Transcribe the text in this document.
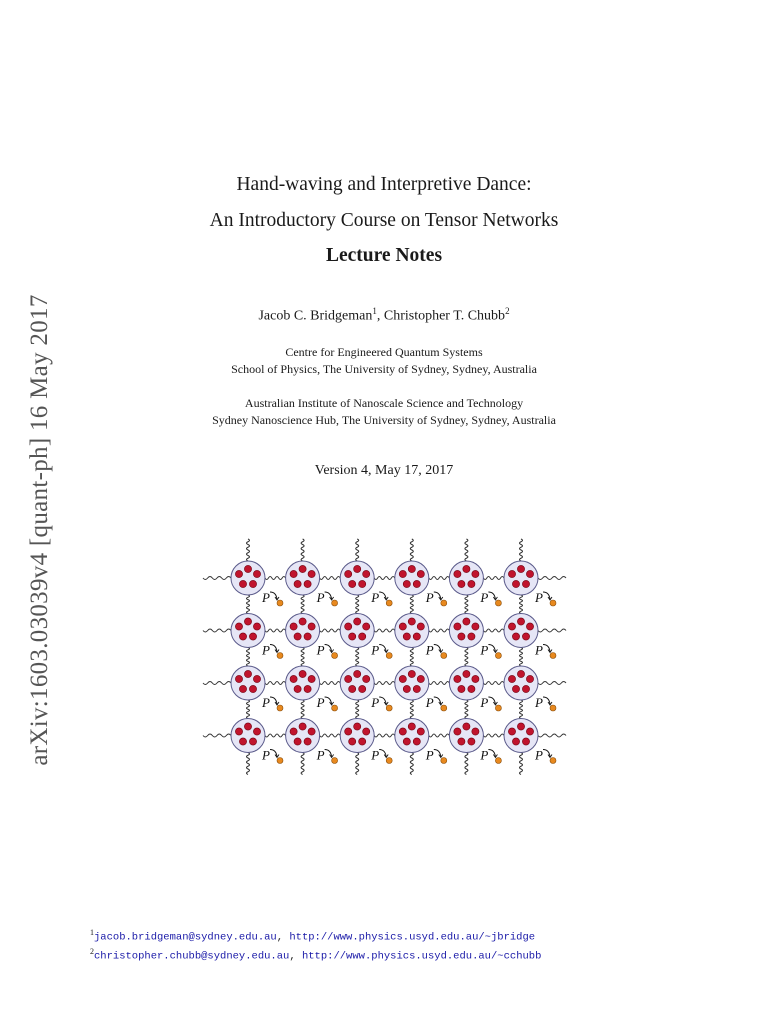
arXiv:1603.03039v4 [quant-ph] 16 May 2017
Hand-waving and Interpretive Dance:
An Introductory Course on Tensor Networks
Lecture Notes
Jacob C. Bridgeman$^1$, Christopher T. Chubb$^2$
Centre for Engineered Quantum Systems
School of Physics, The University of Sydney, Sydney, Australia
Australian Institute of Nanoscale Science and Technology
Sydney Nanoscience Hub, The University of Sydney, Sydney, Australia
Version 4, May 17, 2017
P	P	P	P	P	P
P	P	P	P	P	P
P	P	P	P	P	P
P	P	P	P	P	P
$^1$jacob.bridgeman@sydney.edu.au, http://www.physics.usyd.edu.au/~jbridge
$^2$christopher.chubb@sydney.edu.au, http://www.physics.usyd.edu.au/~cchubb
